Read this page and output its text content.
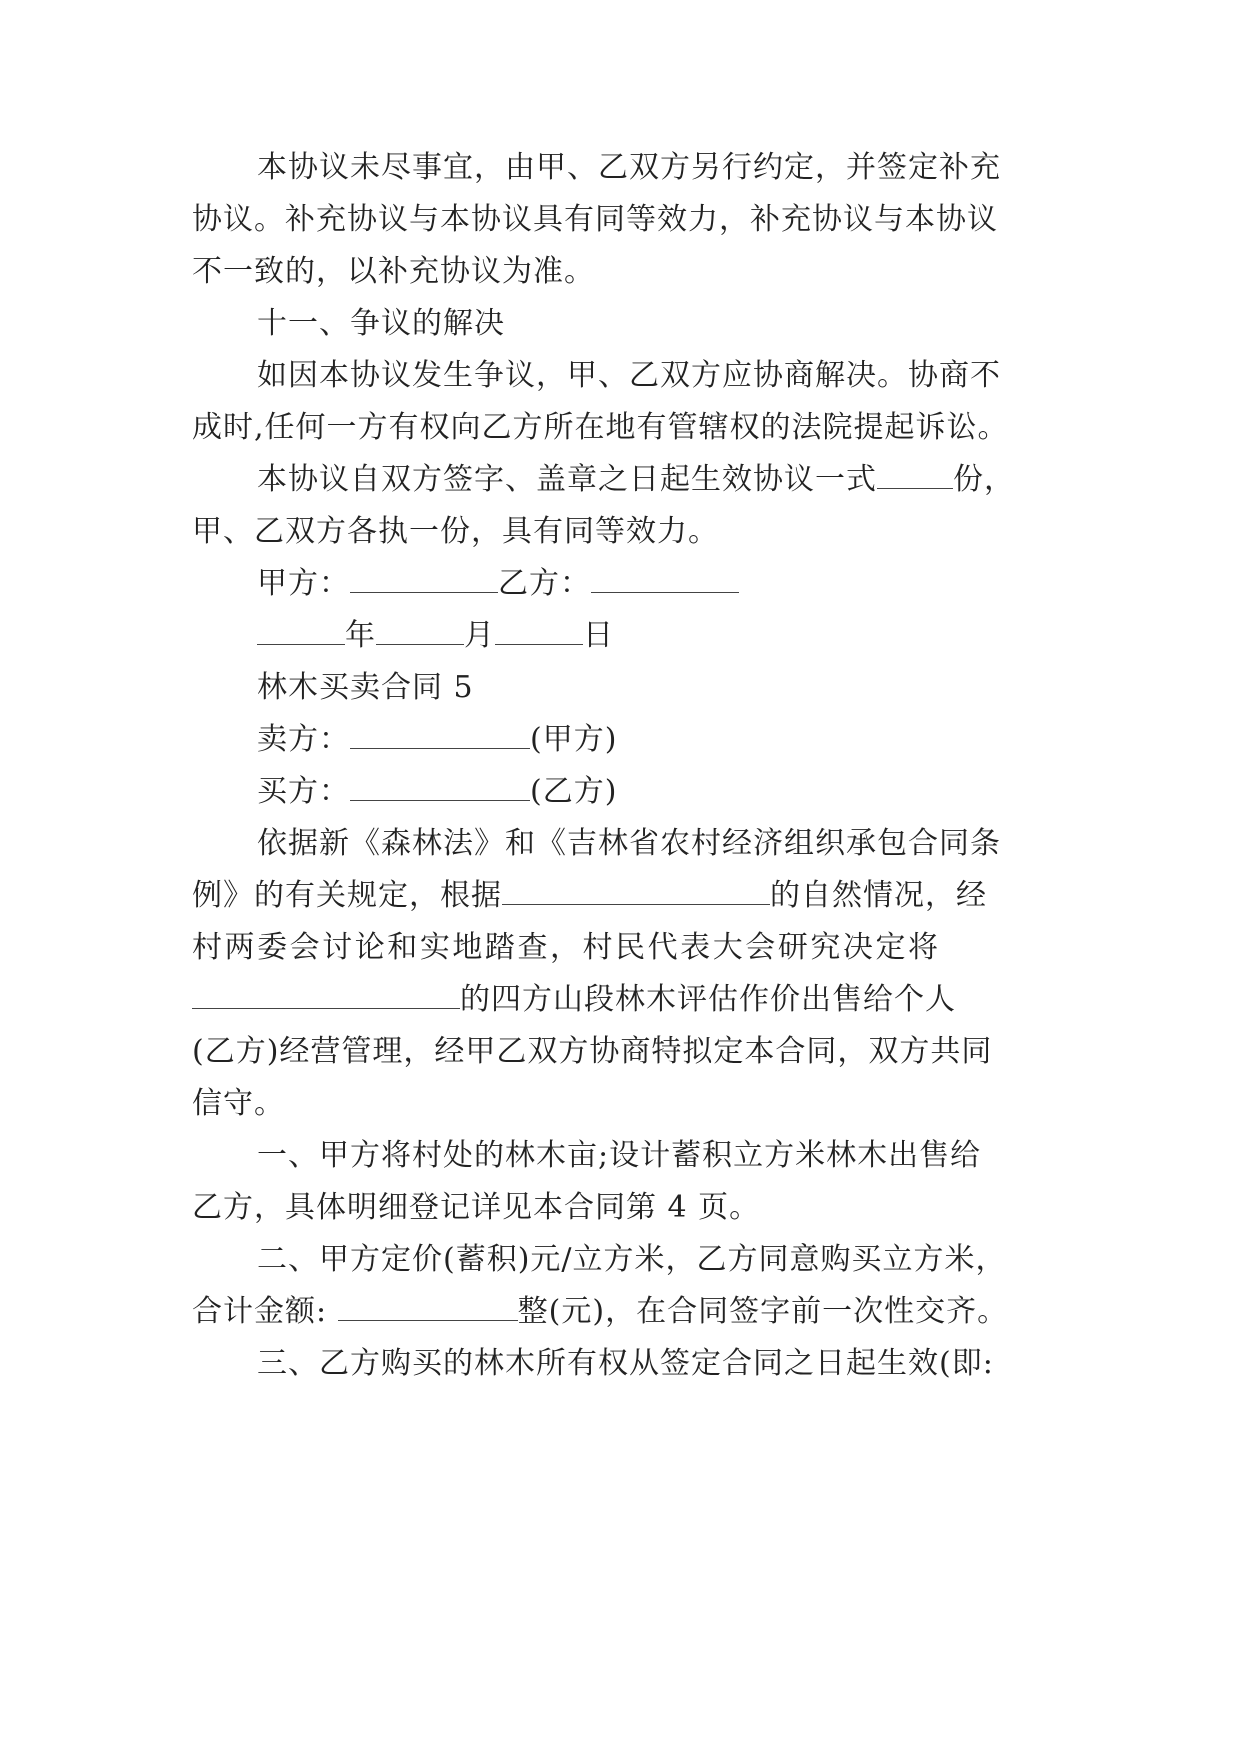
本协议未尽事宜，由甲、乙双方另行约定，并签定补充
协议。补充协议与本协议具有同等效力，补充协议与本协议
不一致的，以补充协议为准。
十一、争议的解决
如因本协议发生争议，甲、乙双方应协商解决。协商不
成时,任何一方有权向乙方所在地有管辖权的法院提起诉讼。
本协议自双方签字、盖章之日起生效协议一式	份，
甲、乙双方各执一份，具有同等效力。
甲方：	乙方：
年	月	日
林木买卖合同 5
卖方：	(甲方)
买方：	(乙方)
依据新《森林法》和《吉林省农村经济组织承包合同条
例》的有关规定，根据	的自然情况，经
村两委会讨论和实地踏查，村民代表大会研究决定将
的四方山段林木评估作价出售给个人
(乙方)经营管理，经甲乙双方协商特拟定本合同，双方共同
信守。
一、甲方将村处的林木亩;设计蓄积立方米林木出售给
乙方，具体明细登记详见本合同第 4 页。
二、甲方定价(蓄积)元/立方米，乙方同意购买立方米，
合计金额:	整(元)，在合同签字前一次性交齐。
三、乙方购买的林木所有权从签定合同之日起生效(即:
